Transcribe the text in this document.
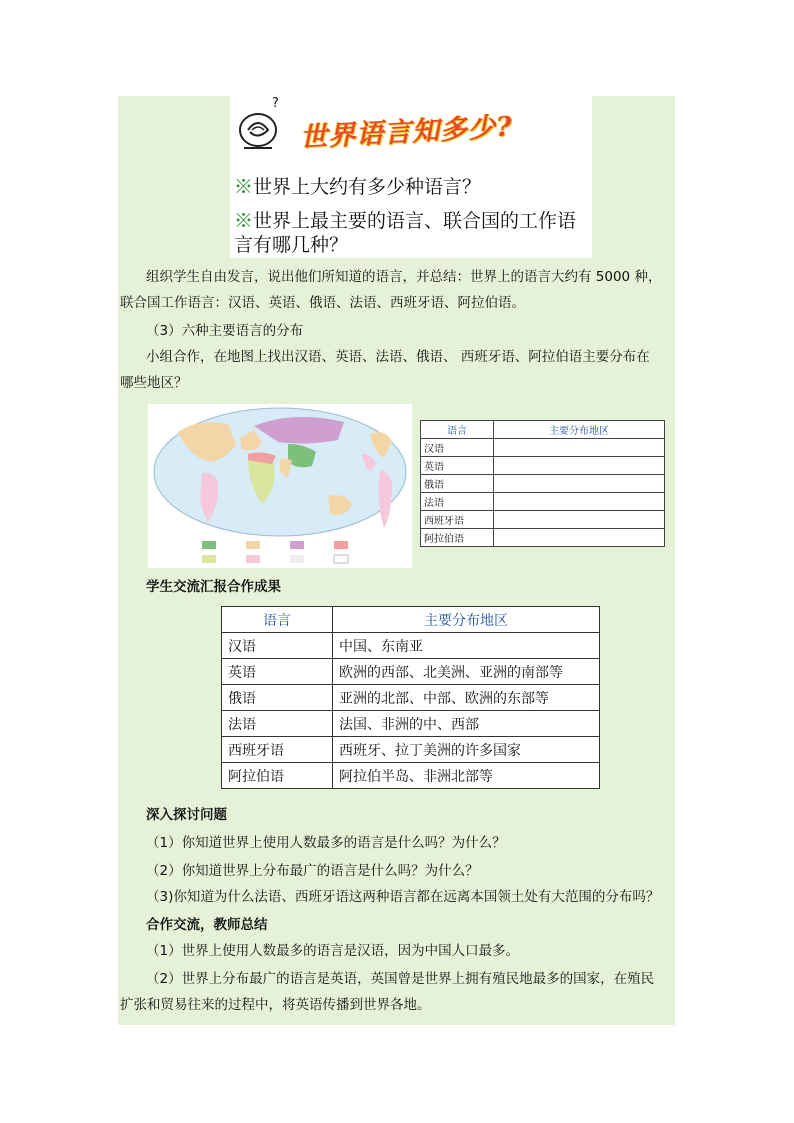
?
世界语言知多少?
※世界上大约有多少种语言？
※世界上最主要的语言、联合国的工作语
言有哪几种？
组织学生自由发言，说出他们所知道的语言，并总结：世界上的语言大约有 5000 种，
联合国工作语言：汉语、英语、俄语、法语、西班牙语、阿拉伯语。
（3）六种主要语言的分布
小组合作，在地图上找出汉语、英语、法语、俄语、 西班牙语、阿拉伯语主要分布在
哪些地区？
语言	主要分布地区
汉语	
英语	
俄语	
法语	
西班牙语	
阿拉伯语	
学生交流汇报合作成果
语言	主要分布地区
汉语	中国、东南亚
英语	欧洲的西部、北美洲、亚洲的南部等
俄语	亚洲的北部、中部、欧洲的东部等
法语	法国、非洲的中、西部
西班牙语	西班牙、拉丁美洲的许多国家
阿拉伯语	阿拉伯半岛、非洲北部等
深入探讨问题
（1）你知道世界上使用人数最多的语言是什么吗？为什么？
（2）你知道世界上分布最广的语言是什么吗？为什么？
（3)你知道为什么法语、西班牙语这两种语言都在远离本国领土处有大范围的分布吗？
合作交流，教师总结
（1）世界上使用人数最多的语言是汉语，因为中国人口最多。
（2）世界上分布最广的语言是英语，英国曾是世界上拥有殖民地最多的国家，在殖民
扩张和贸易往来的过程中，将英语传播到世界各地。
